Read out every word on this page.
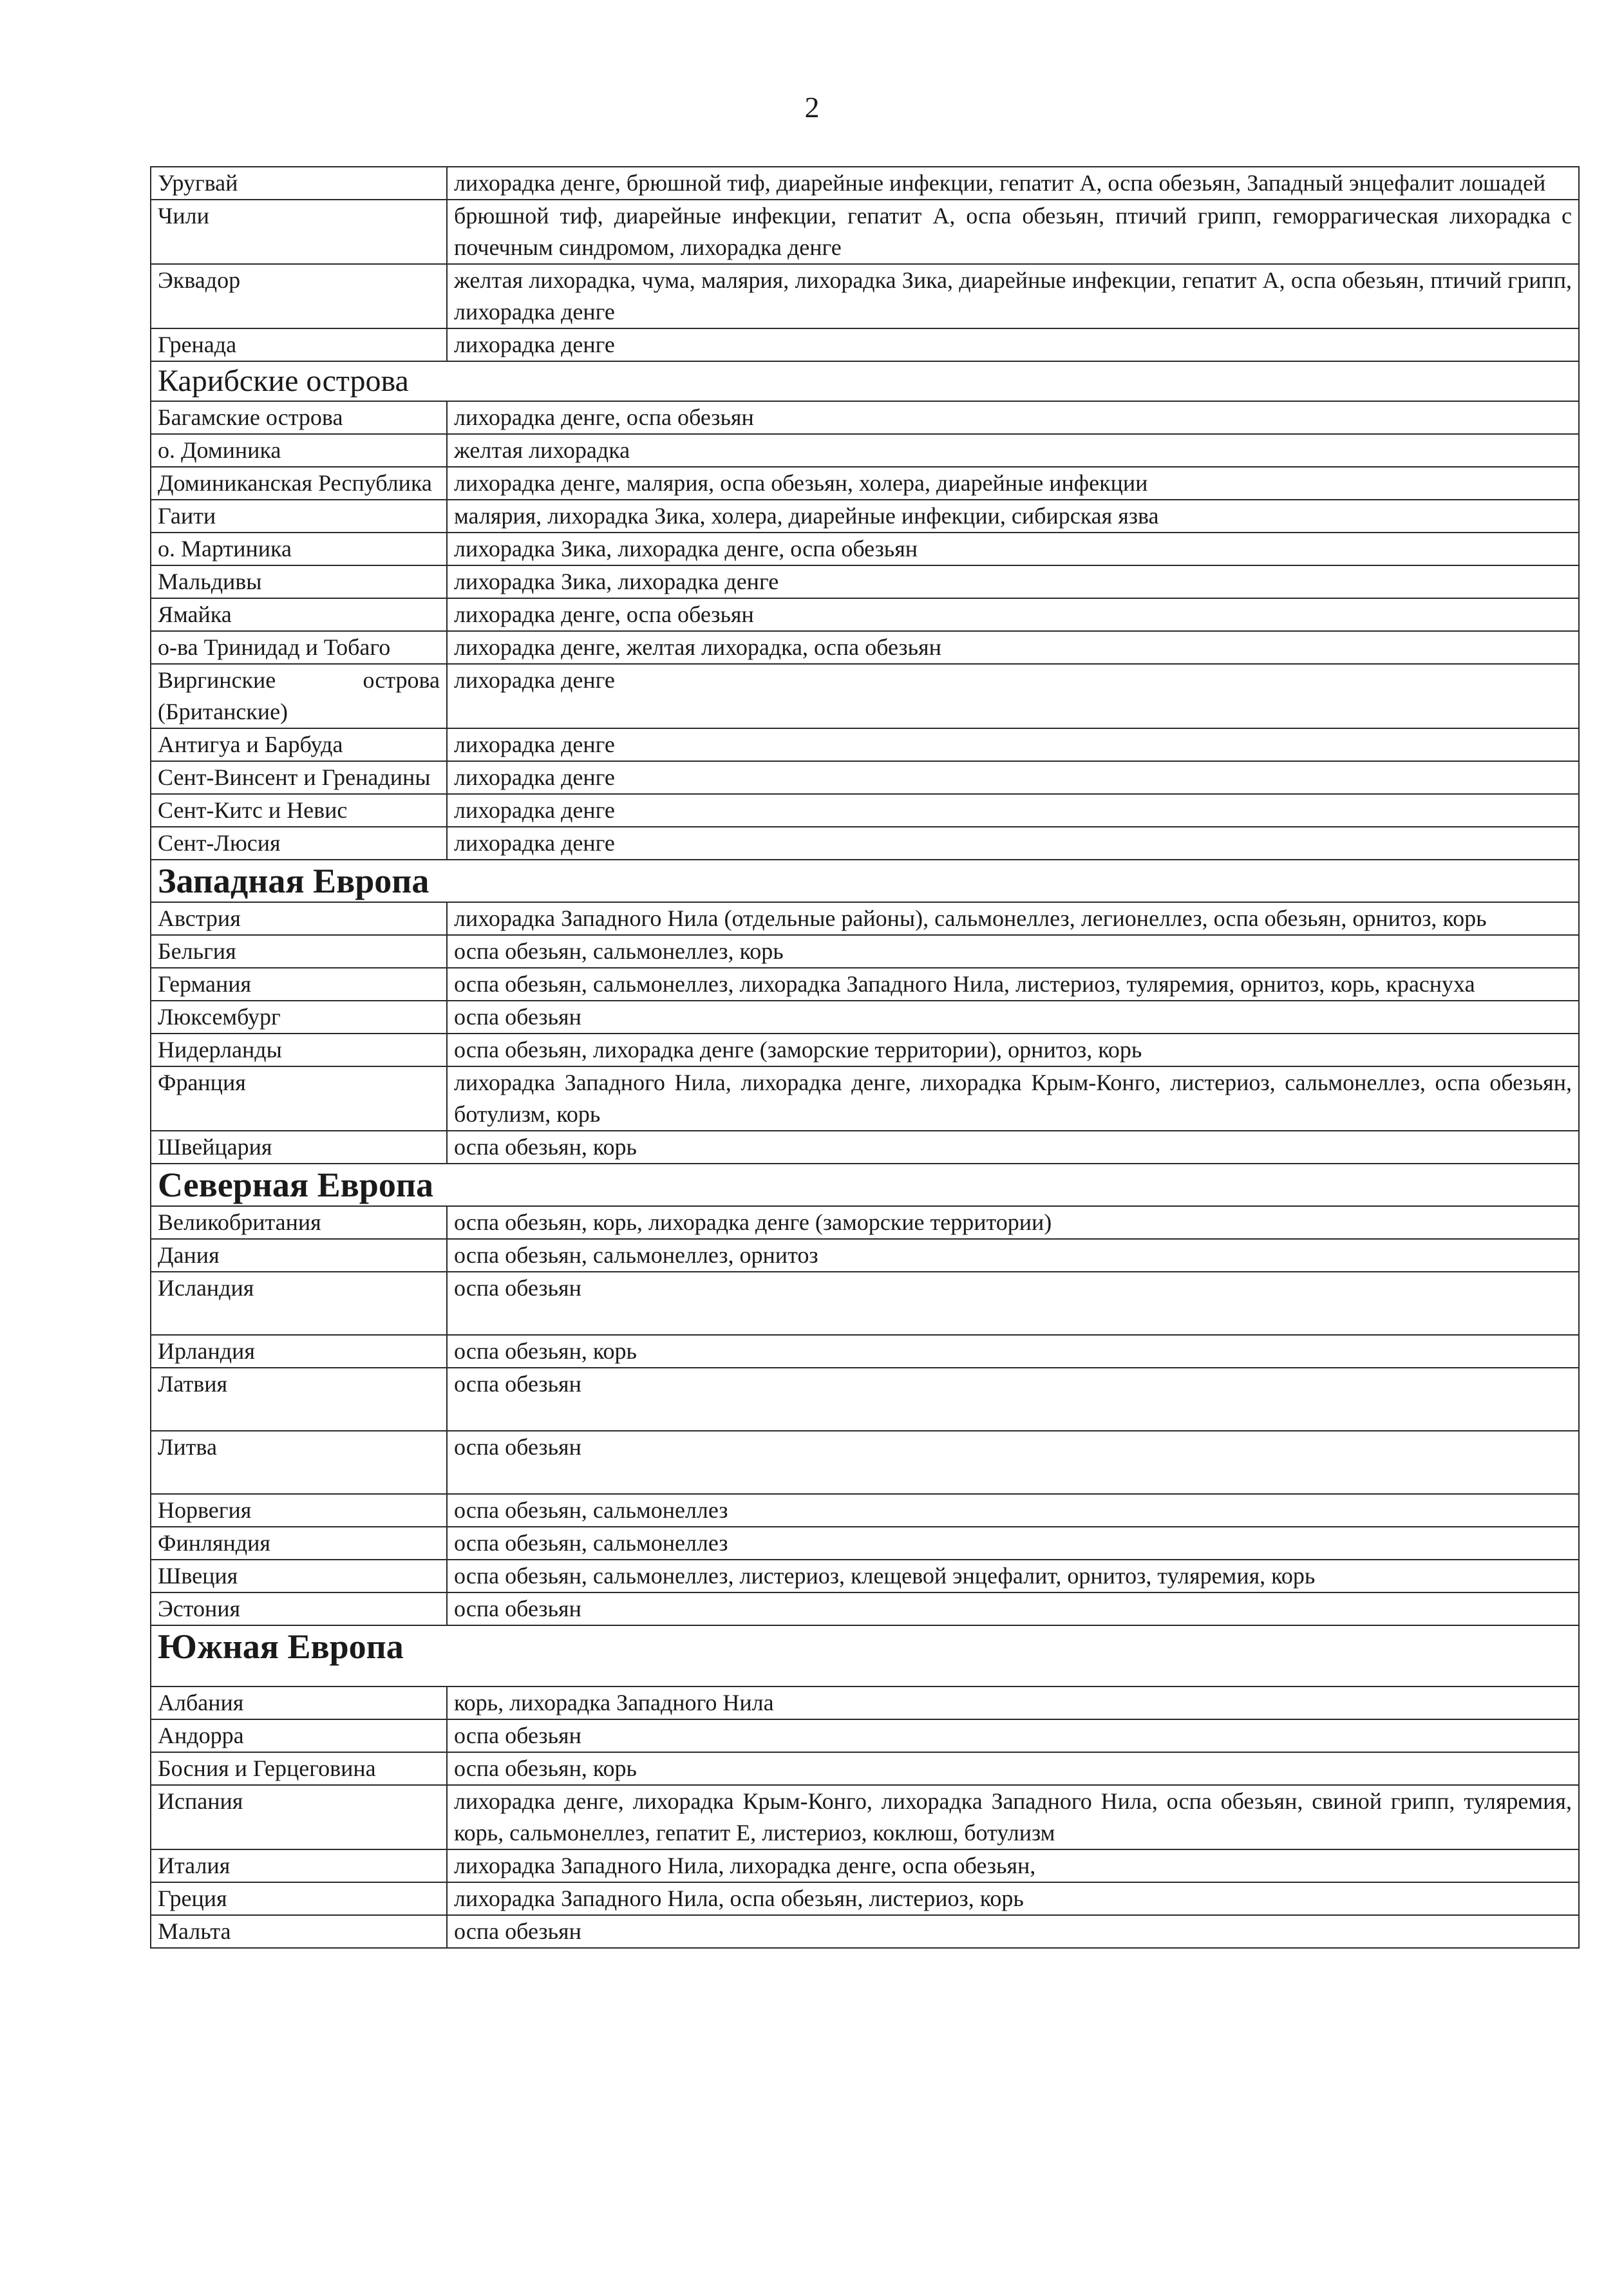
2
Уругвай	лихорадка денге, брюшной тиф, диарейные инфекции, гепатит А, оспа обезьян, Западный энцефалит лошадей
Чили	брюшной тиф, диарейные инфекции, гепатит А, оспа обезьян, птичий грипп, геморрагическая лихорадка с почечным синдромом, лихорадка денге
Эквадор	желтая лихорадка, чума, малярия, лихорадка Зика, диарейные инфекции, гепатит А, оспа обезьян, птичий грипп, лихорадка денге
Гренада	лихорадка денге
Карибские острова	
Багамские острова	лихорадка денге, оспа обезьян
о. Доминика	желтая лихорадка
Доминиканская Республика	лихорадка денге, малярия, оспа обезьян, холера, диарейные инфекции
Гаити	малярия, лихорадка Зика, холера, диарейные инфекции, сибирская язва
о. Мартиника	лихорадка Зика, лихорадка денге, оспа обезьян
Мальдивы	лихорадка Зика, лихорадка денге
Ямайка	лихорадка денге, оспа обезьян
о-ва Тринидад и Тобаго	лихорадка денге, желтая лихорадка, оспа обезьян
Виргинские острова (Британские)	лихорадка денге
Антигуа и Барбуда	лихорадка денге
Сент-Винсент и Гренадины	лихорадка денге
Сент-Китс и Невис	лихорадка денге
Сент-Люсия	лихорадка денге
Западная Европа	
Австрия	лихорадка Западного Нила (отдельные районы), сальмонеллез, легионеллез, оспа обезьян, орнитоз, корь
Бельгия	оспа обезьян, сальмонеллез, корь
Германия	оспа обезьян, сальмонеллез, лихорадка Западного Нила, листериоз, туляремия, орнитоз, корь, краснуха
Люксембург	оспа обезьян
Нидерланды	оспа обезьян, лихорадка денге (заморские территории), орнитоз, корь
Франция	лихорадка Западного Нила, лихорадка денге, лихорадка Крым-Конго, листериоз, сальмонеллез, оспа обезьян, ботулизм, корь
Швейцария	оспа обезьян, корь
Северная Европа	
Великобритания	оспа обезьян, корь, лихорадка денге (заморские территории)
Дания	оспа обезьян, сальмонеллез, орнитоз
Исландия	оспа обезьян
Ирландия	оспа обезьян, корь
Латвия	оспа обезьян
Литва	оспа обезьян
Норвегия	оспа обезьян, сальмонеллез
Финляндия	оспа обезьян, сальмонеллез
Швеция	оспа обезьян, сальмонеллез, листериоз, клещевой энцефалит, орнитоз, туляремия, корь
Эстония	оспа обезьян
Южная Европа	
Албания	корь, лихорадка Западного Нила
Андорра	оспа обезьян
Босния и Герцеговина	оспа обезьян, корь
Испания	лихорадка денге, лихорадка Крым-Конго, лихорадка Западного Нила, оспа обезьян, свиной грипп, туляремия, корь, сальмонеллез, гепатит Е, листериоз, коклюш, ботулизм
Италия	лихорадка Западного Нила, лихорадка денге, оспа обезьян,
Греция	лихорадка Западного Нила, оспа обезьян, листериоз, корь
Мальта	оспа обезьян
